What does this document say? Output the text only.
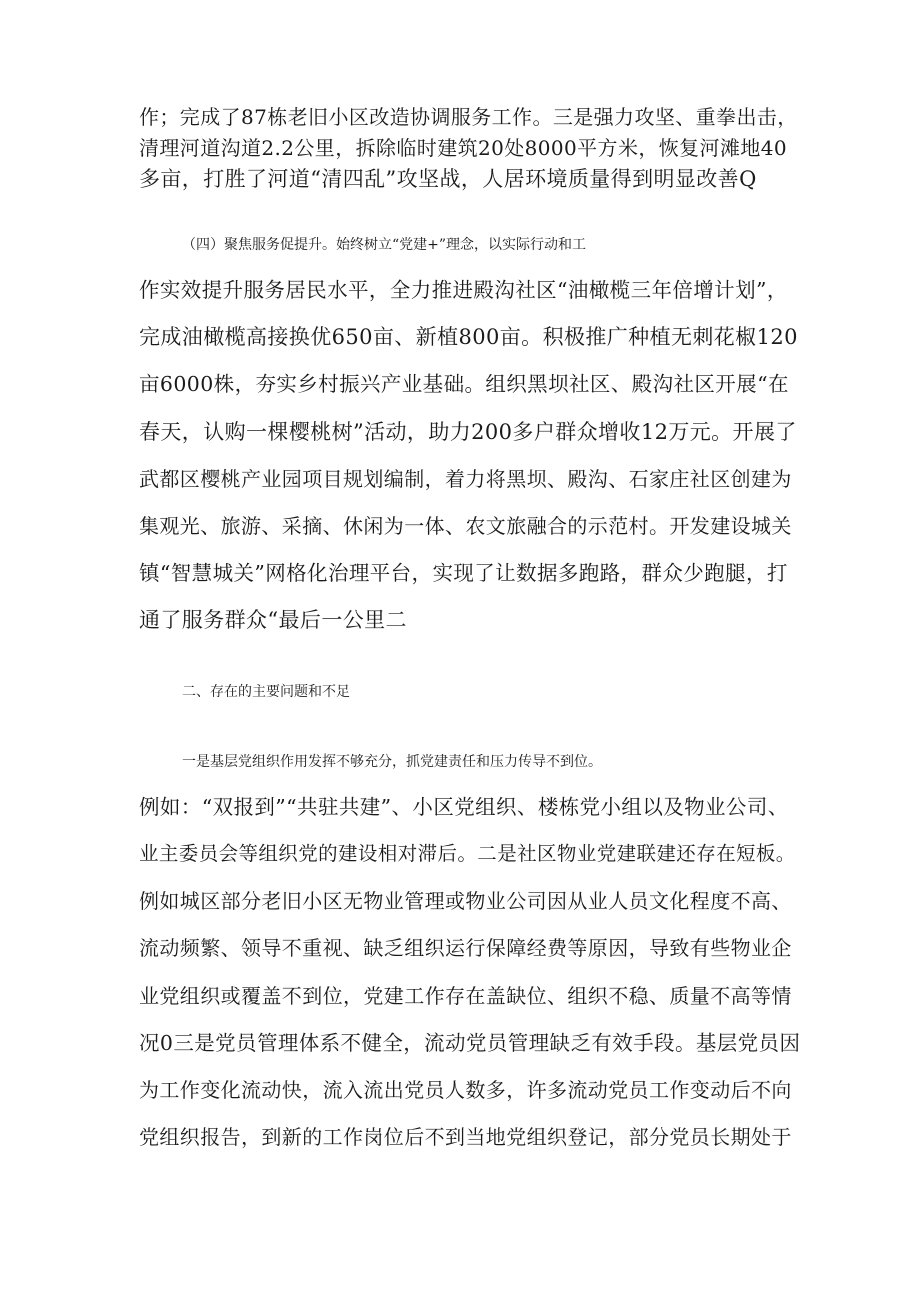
作；完成了87栋老旧小区改造协调服务工作。三是强力攻坚、重拳出击，
清理河道沟道2.2公里，拆除临时建筑20处8000平方米，恢复河滩地40
多亩，打胜了河道“清四乱”攻坚战，人居环境质量得到明显改善Q
（四）聚焦服务促提升。始终树立“党建+”理念，以实际行动和工
作实效提升服务居民水平，全力推进殿沟社区“油橄榄三年倍增计划”，
完成油橄榄高接换优650亩、新植800亩。积极推广种植无刺花椒120
亩6000株，夯实乡村振兴产业基础。组织黑坝社区、殿沟社区开展“在
春天，认购一棵樱桃树”活动，助力200多户群众增收12万元。开展了
武都区樱桃产业园项目规划编制，着力将黑坝、殿沟、石家庄社区创建为
集观光、旅游、采摘、休闲为一体、农文旅融合的示范村。开发建设城关
镇“智慧城关”网格化治理平台，实现了让数据多跑路，群众少跑腿，打
通了服务群众“最后一公里二
二、存在的主要问题和不足
一是基层党组织作用发挥不够充分，抓党建责任和压力传导不到位。
例如：“双报到”“共驻共建”、小区党组织、楼栋党小组以及物业公司、
业主委员会等组织党的建设相对滞后。二是社区物业党建联建还存在短板。
例如城区部分老旧小区无物业管理或物业公司因从业人员文化程度不高、
流动频繁、领导不重视、缺乏组织运行保障经费等原因，导致有些物业企
业党组织或覆盖不到位，党建工作存在盖缺位、组织不稳、质量不高等情
况0三是党员管理体系不健全，流动党员管理缺乏有效手段。基层党员因
为工作变化流动快，流入流出党员人数多，许多流动党员工作变动后不向
党组织报告，到新的工作岗位后不到当地党组织登记，部分党员长期处于
